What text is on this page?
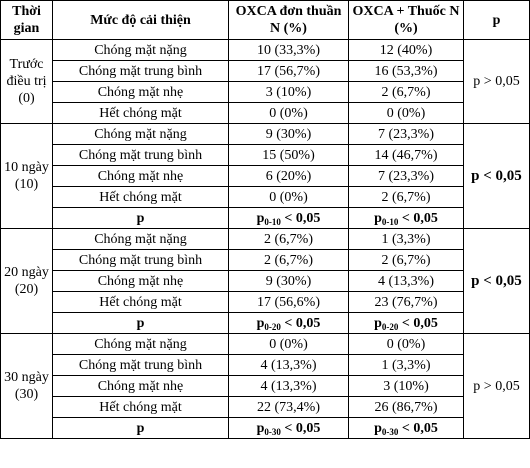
Thời gian	Mức độ cải thiện	OXCA đơn thuần N (%)	OXCA + Thuốc N (%)	p
Trước điều trị (0)	Chóng mặt nặng	10 (33,3%)	12 (40%)	p > 0,05
	Chóng mặt trung bình	17 (56,7%)	16 (53,3%)	
	Chóng mặt nhẹ	3 (10%)	2 (6,7%)	
	Hết chóng mặt	0 (0%)	0 (0%)	
10 ngày (10)	Chóng mặt nặng	9 (30%)	7 (23,3%)	p < 0,05
	Chóng mặt trung bình	15 (50%)	14 (46,7%)	
	Chóng mặt nhẹ	6 (20%)	7 (23,3%)	
	Hết chóng mặt	0 (0%)	2 (6,7%)	
	p	$p_{0-10} < 0,05$	$p_{0-10} < 0,05$	
20 ngày (20)	Chóng mặt nặng	2 (6,7%)	1 (3,3%)	p < 0,05
	Chóng mặt trung bình	2 (6,7%)	2 (6,7%)	
	Chóng mặt nhẹ	9 (30%)	4 (13,3%)	
	Hết chóng mặt	17 (56,6%)	23 (76,7%)	
	p	$p_{0-20} < 0,05$	$p_{0-20} < 0,05$	
30 ngày (30)	Chóng mặt nặng	0 (0%)	0 (0%)	p > 0,05
	Chóng mặt trung bình	4 (13,3%)	1 (3,3%)	
	Chóng mặt nhẹ	4 (13,3%)	3 (10%)	
	Hết chóng mặt	22 (73,4%)	26 (86,7%)	
	p	$p_{0-30} < 0,05$	$p_{0-30} < 0,05$	
